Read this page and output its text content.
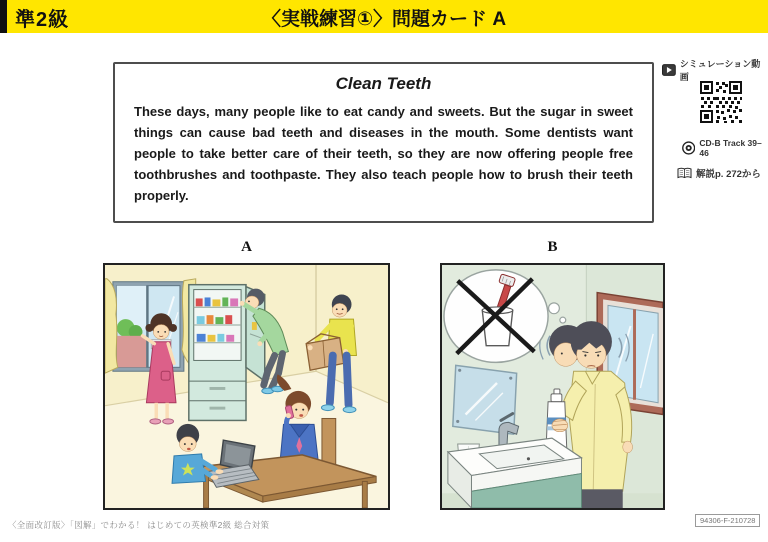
準2級	〈実戦練習①〉問題カード A
Clean Teeth
These days, many people like to eat candy and sweets. But the sugar in sweet things can cause bad teeth and diseases in the mouth. Some dentists want people to take better care of their teeth, so they are now offering people free toothbrushes and toothpaste. They also teach people how to brush their teeth properly.
シミュレーション動画
CD-B Track 39–46
解説p. 272から
A	B
〈全面改訂版〉「図解」でわかる！ はじめての英検準2級 総合対策	94306-F-210728
